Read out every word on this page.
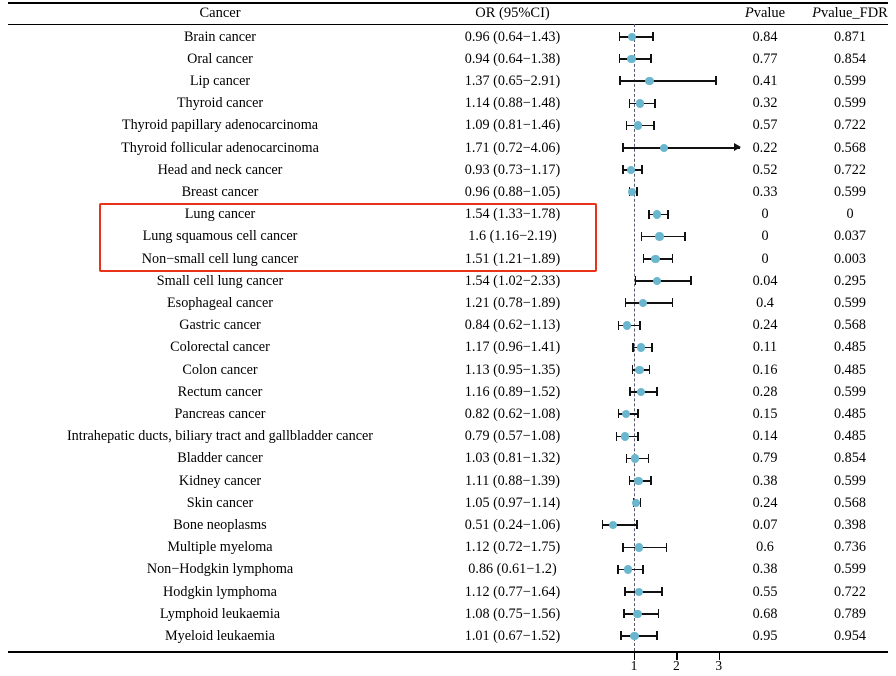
Cancer	OR (95%CI)	Pvalue	Pvalue_FDR
Brain cancer	0.96 (0.64−1.43)	0.84	0.871
Oral cancer	0.94 (0.64−1.38)	0.77	0.854
Lip cancer	1.37 (0.65−2.91)	0.41	0.599
Thyroid cancer	1.14 (0.88−1.48)	0.32	0.599
Thyroid papillary adenocarcinoma	1.09 (0.81−1.46)	0.57	0.722
Thyroid follicular adenocarcinoma	1.71 (0.72−4.06)	0.22	0.568
Head and neck cancer	0.93 (0.73−1.17)	0.52	0.722
Breast cancer	0.96 (0.88−1.05)	0.33	0.599
Lung cancer	1.54 (1.33−1.78)	0	0
Lung squamous cell cancer	1.6 (1.16−2.19)	0	0.037
Non−small cell lung cancer	1.51 (1.21−1.89)	0	0.003
Small cell lung cancer	1.54 (1.02−2.33)	0.04	0.295
Esophageal cancer	1.21 (0.78−1.89)	0.4	0.599
Gastric cancer	0.84 (0.62−1.13)	0.24	0.568
Colorectal cancer	1.17 (0.96−1.41)	0.11	0.485
Colon cancer	1.13 (0.95−1.35)	0.16	0.485
Rectum cancer	1.16 (0.89−1.52)	0.28	0.599
Pancreas cancer	0.82 (0.62−1.08)	0.15	0.485
Intrahepatic ducts, biliary tract and gallbladder cancer	0.79 (0.57−1.08)	0.14	0.485
Bladder cancer	1.03 (0.81−1.32)	0.79	0.854
Kidney cancer	1.11 (0.88−1.39)	0.38	0.599
Skin cancer	1.05 (0.97−1.14)	0.24	0.568
Bone neoplasms	0.51 (0.24−1.06)	0.07	0.398
Multiple myeloma	1.12 (0.72−1.75)	0.6	0.736
Non−Hodgkin lymphoma	0.86 (0.61−1.2)	0.38	0.599
Hodgkin lymphoma	1.12 (0.77−1.64)	0.55	0.722
Lymphoid leukaemia	1.08 (0.75−1.56)	0.68	0.789
Myeloid leukaemia	1.01 (0.67−1.52)	0.95	0.954
1	2	3
